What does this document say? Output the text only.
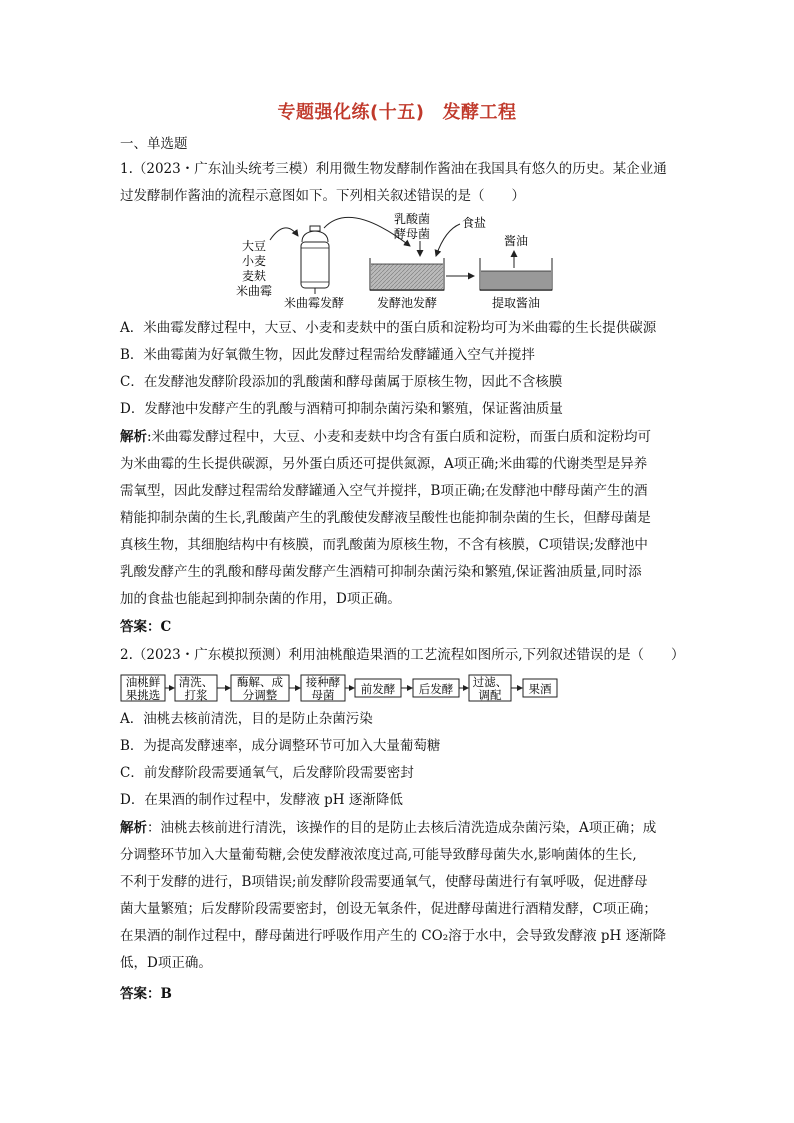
专题强化练(十五) 发酵工程
一、单选题
1.（2023・广东汕头统考三模）利用微生物发酵制作酱油在我国具有悠久的历史。某企业通
过发酵制作酱油的流程示意图如下。下列相关叙述错误的是（　　）
大豆
小麦
麦麸
米曲霉
米曲霉发酵
乳酸菌
酵母菌
食盐
发酵池发酵
酱油
提取酱油
A．米曲霉发酵过程中，大豆、小麦和麦麸中的蛋白质和淀粉均可为米曲霉的生长提供碳源
B．米曲霉菌为好氧微生物，因此发酵过程需给发酵罐通入空气并搅拌
C．在发酵池发酵阶段添加的乳酸菌和酵母菌属于原核生物，因此不含核膜
D．发酵池中发酵产生的乳酸与酒精可抑制杂菌污染和繁殖，保证酱油质量
解析:米曲霉发酵过程中，大豆、小麦和麦麸中均含有蛋白质和淀粉，而蛋白质和淀粉均可
为米曲霉的生长提供碳源，另外蛋白质还可提供氮源，A项正确;米曲霉的代谢类型是异养
需氧型，因此发酵过程需给发酵罐通入空气并搅拌，B项正确;在发酵池中酵母菌产生的酒
精能抑制杂菌的生长,乳酸菌产生的乳酸使发酵液呈酸性也能抑制杂菌的生长，但酵母菌是
真核生物，其细胞结构中有核膜，而乳酸菌为原核生物，不含有核膜，C项错误;发酵池中
乳酸发酵产生的乳酸和酵母菌发酵产生酒精可抑制杂菌污染和繁殖,保证酱油质量,同时添
加的食盐也能起到抑制杂菌的作用，D项正确。
答案：C
2.（2023・广东模拟预测）利用油桃酿造果酒的工艺流程如图所示,下列叙述错误的是（　　）
油桃鲜
果挑选
清洗、
打浆
酶解、成
分调整
接种酵
母菌 前发酵 后发酵 过滤、
调配 果酒
A．油桃去核前清洗，目的是防止杂菌污染
B．为提高发酵速率，成分调整环节可加入大量葡萄糖
C．前发酵阶段需要通氧气，后发酵阶段需要密封
D．在果酒的制作过程中，发酵液 pH 逐渐降低
解析：油桃去核前进行清洗，该操作的目的是防止去核后清洗造成杂菌污染，A项正确；成
分调整环节加入大量葡萄糖,会使发酵液浓度过高,可能导致酵母菌失水,影响菌体的生长,
不利于发酵的进行，B项错误;前发酵阶段需要通氧气，使酵母菌进行有氧呼吸，促进酵母
菌大量繁殖；后发酵阶段需要密封，创设无氧条件，促进酵母菌进行酒精发酵，C项正确；
在果酒的制作过程中，酵母菌进行呼吸作用产生的 CO₂溶于水中，会导致发酵液 pH 逐渐降
低，D项正确。
答案：B
